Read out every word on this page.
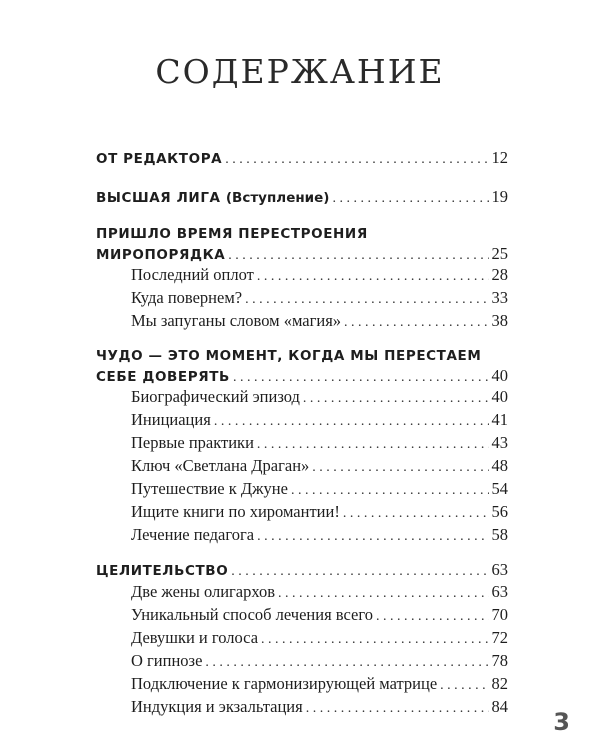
СОДЕРЖАНИЕ
ОТ РЕДАКТОРА . . .	12
ВЫСШАЯ ЛИГА
(Вступление) . . .	19
ПРИШЛО ВРЕМЯ ПЕРЕСТРОЕНИЯ
МИРОПОРЯДКА . . .	25
Последний оплот . . .	28
Куда повернем? . . .	33
Мы запуганы словом «магия» . . .	38
ЧУДО — ЭТО МОМЕНТ, КОГДА МЫ ПЕРЕСТАЕМ
СЕБЕ ДОВЕРЯТЬ . . .	40
Биографический эпизод . . .	40
Инициация . . .	41
Первые практики . . .	43
Ключ «Светлана Драган» . . .	48
Путешествие к Джуне . . .	54
Ищите книги по хиромантии! . . .	56
Лечение педагога . . .	58
ЦЕЛИТЕЛЬСТВО . . .	63
Две жены олигархов . . .	63
Уникальный способ лечения всего . . .	70
Девушки и голоса . . .	72
О гипнозе . . .	78
Подключение к гармонизирующей матрице . . .	82
Индукция и экзальтация . . .	84
3
